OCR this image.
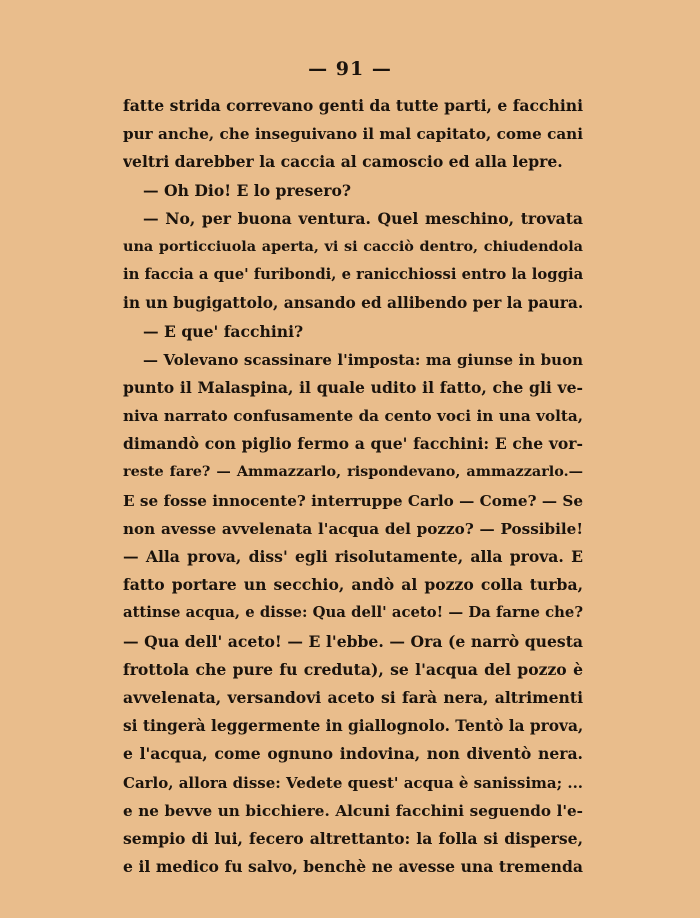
— 91 —
fatte strida correvano genti da tutte parti, e facchini
pur anche, che inseguivano il mal capitato, come cani
veltri darebber la caccia al camoscio ed alla lepre.
— Oh Dio! E lo presero?
— No, per buona ventura. Quel meschino, trovata
una porticciuola aperta, vi si cacciò dentro, chiudendola
in faccia a que' furibondi, e ranicchiossi entro la loggia
in un bugigattolo, ansando ed allibendo per la paura.
— E que' facchini?
— Volevano scassinare l'imposta: ma giunse in buon
punto il Malaspina, il quale udito il fatto, che gli ve-
niva narrato confusamente da cento voci in una volta,
dimandò con piglio fermo a que' facchini: E che vor-
reste fare? — Ammazzarlo, rispondevano, ammazzarlo.—
E se fosse innocente? interruppe Carlo — Come? — Se
non avesse avvelenata l'acqua del pozzo? — Possibile!
— Alla prova, diss' egli risolutamente, alla prova. E
fatto portare un secchio, andò al pozzo colla turba,
attinse acqua, e disse: Qua dell' aceto! — Da farne che?
— Qua dell' aceto! — E l'ebbe. — Ora (e narrò questa
frottola che pure fu creduta), se l'acqua del pozzo è
avvelenata, versandovi aceto si farà nera, altrimenti
si tingerà leggermente in giallognolo. Tentò la prova,
e l'acqua, come ognuno indovina, non diventò nera.
Carlo, allora disse: Vedete quest' acqua è sanissima; ...
e ne bevve un bicchiere. Alcuni facchini seguendo l'e-
sempio di lui, fecero altrettanto: la folla si disperse,
e il medico fu salvo, benchè ne avesse una tremenda
